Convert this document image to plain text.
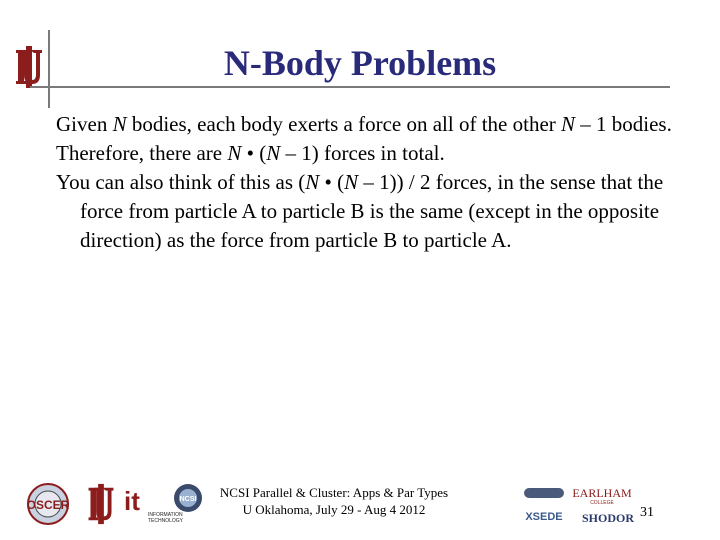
N-Body Problems

Given N bodies, each body exerts a force on all of the other N – 1 bodies.

Therefore, there are N • (N – 1) forces in total.

You can also think of this as (N • (N – 1)) / 2 forces, in the sense that the force from particle A to particle B is the same (except in the opposite direction) as the force from particle B to particle A.

OSCER it INFORMATION
TECHNOLOGY
NCSI	NCSI Parallel & Cluster: Apps & Par Types
U Oklahoma, July 29 - Aug 4 2012	XSEDE
EARLHAM
COLLEGE
SHODOR 31
